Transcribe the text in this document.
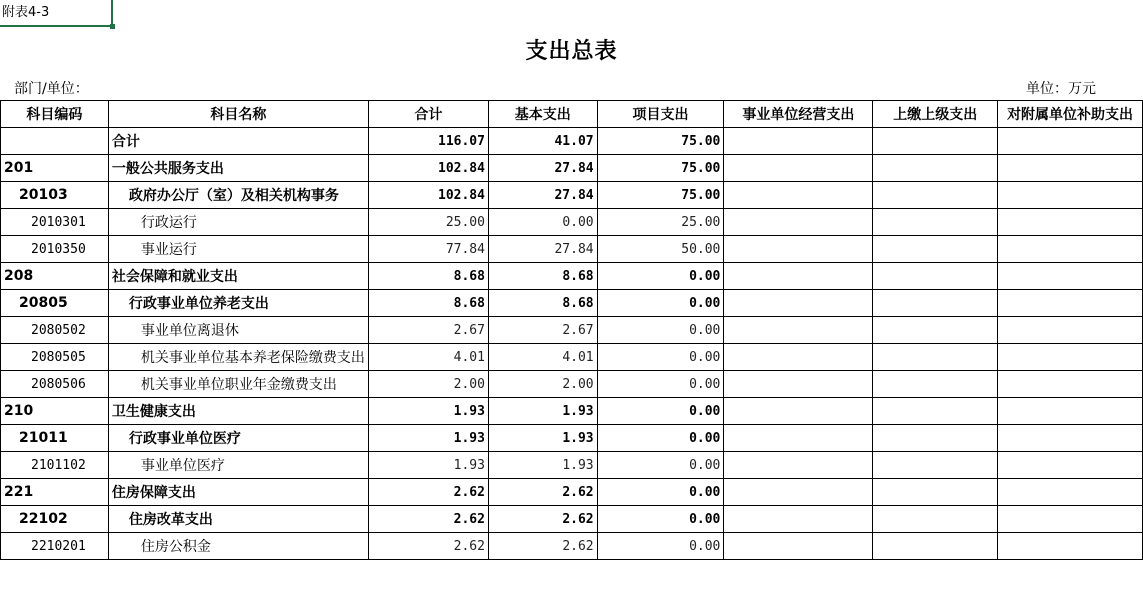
附表4-3
支出总表
部门/单位：	单位：万元
科目编码	科目名称	合计	基本支出	项目支出	事业单位经营支出	上缴上级支出	对附属单位补助支出
	合计	116.07	41.07	75.00			
201	一般公共服务支出	102.84	27.84	75.00			
20103	政府办公厅（室）及相关机构事务	102.84	27.84	75.00			
2010301	行政运行	25.00	0.00	25.00			
2010350	事业运行	77.84	27.84	50.00			
208	社会保障和就业支出	8.68	8.68	0.00			
20805	行政事业单位养老支出	8.68	8.68	0.00			
2080502	事业单位离退休	2.67	2.67	0.00			
2080505	机关事业单位基本养老保险缴费支出	4.01	4.01	0.00			
2080506	机关事业单位职业年金缴费支出	2.00	2.00	0.00			
210	卫生健康支出	1.93	1.93	0.00			
21011	行政事业单位医疗	1.93	1.93	0.00			
2101102	事业单位医疗	1.93	1.93	0.00			
221	住房保障支出	2.62	2.62	0.00			
22102	住房改革支出	2.62	2.62	0.00			
2210201	住房公积金	2.62	2.62	0.00			
